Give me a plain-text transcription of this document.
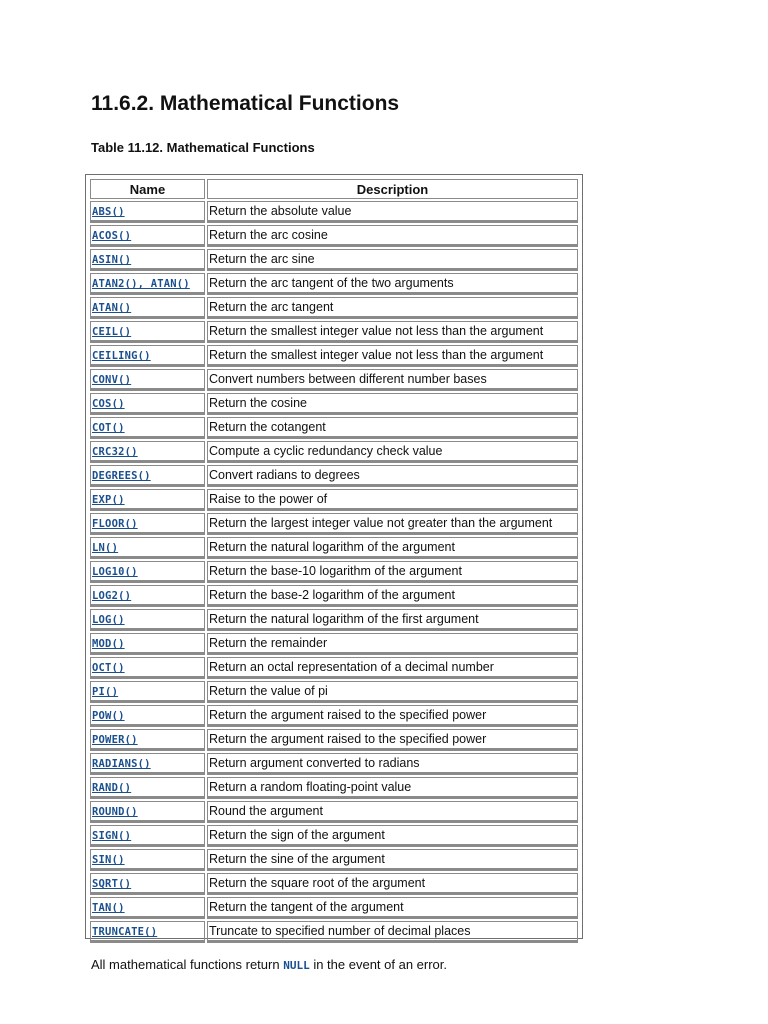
11.6.2. Mathematical Functions

Table 11.12. Mathematical Functions

Name	Description
ABS()	Return the absolute value
ACOS()	Return the arc cosine
ASIN()	Return the arc sine
ATAN2(), ATAN()	Return the arc tangent of the two arguments
ATAN()	Return the arc tangent
CEIL()	Return the smallest integer value not less than the argument
CEILING()	Return the smallest integer value not less than the argument
CONV()	Convert numbers between different number bases
COS()	Return the cosine
COT()	Return the cotangent
CRC32()	Compute a cyclic redundancy check value
DEGREES()	Convert radians to degrees
EXP()	Raise to the power of
FLOOR()	Return the largest integer value not greater than the argument
LN()	Return the natural logarithm of the argument
LOG10()	Return the base-10 logarithm of the argument
LOG2()	Return the base-2 logarithm of the argument
LOG()	Return the natural logarithm of the first argument
MOD()	Return the remainder
OCT()	Return an octal representation of a decimal number
PI()	Return the value of pi
POW()	Return the argument raised to the specified power
POWER()	Return the argument raised to the specified power
RADIANS()	Return argument converted to radians
RAND()	Return a random floating-point value
ROUND()	Round the argument
SIGN()	Return the sign of the argument
SIN()	Return the sine of the argument
SQRT()	Return the square root of the argument
TAN()	Return the tangent of the argument
TRUNCATE()	Truncate to specified number of decimal places

All mathematical functions return NULL in the event of an error.
